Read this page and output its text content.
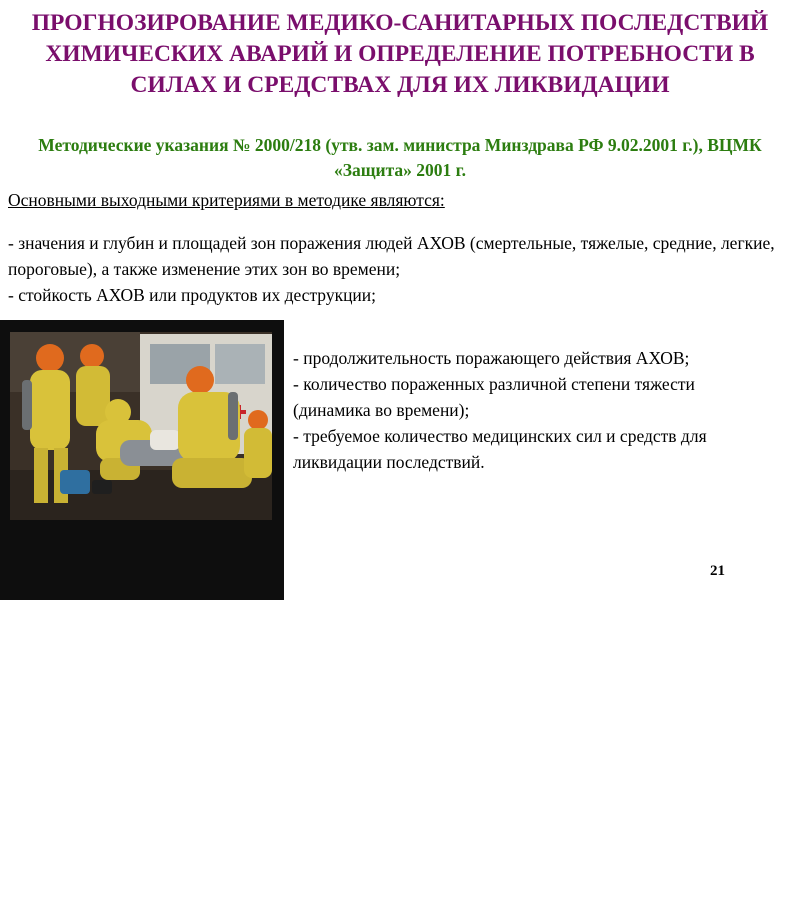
ПРОГНОЗИРОВАНИЕ МЕДИКО-САНИТАРНЫХ ПОСЛЕДСТВИЙ ХИМИЧЕСКИХ АВАРИЙ И ОПРЕДЕЛЕНИЕ ПОТРЕБНОСТИ В СИЛАХ И СРЕДСТВАХ ДЛЯ ИХ ЛИКВИДАЦИИ
Методические указания № 2000/218 (утв. зам. министра Минздрава РФ 9.02.2001 г.), ВЦМК «Защита» 2001 г.
Основными выходными критериями в методике являются:

- значения и глубин и площадей зон поражения людей АХОВ (смертельные, тяжелые, средние, легкие, пороговые), а также изменение этих зон во времени;

- стойкость АХОВ или продуктов их деструкции;

ЭКСПРЕСС-ОЦЕНКА
медико-санитарных последствий
химических аварий и необходимых сил
и средств для их ликвидации

- продолжительность поражающего действия АХОВ;

- количество пораженных различной степени тяжести (динамика во времени);

- требуемое количество медицинских сил и средств для ликвидации последствий.

21
